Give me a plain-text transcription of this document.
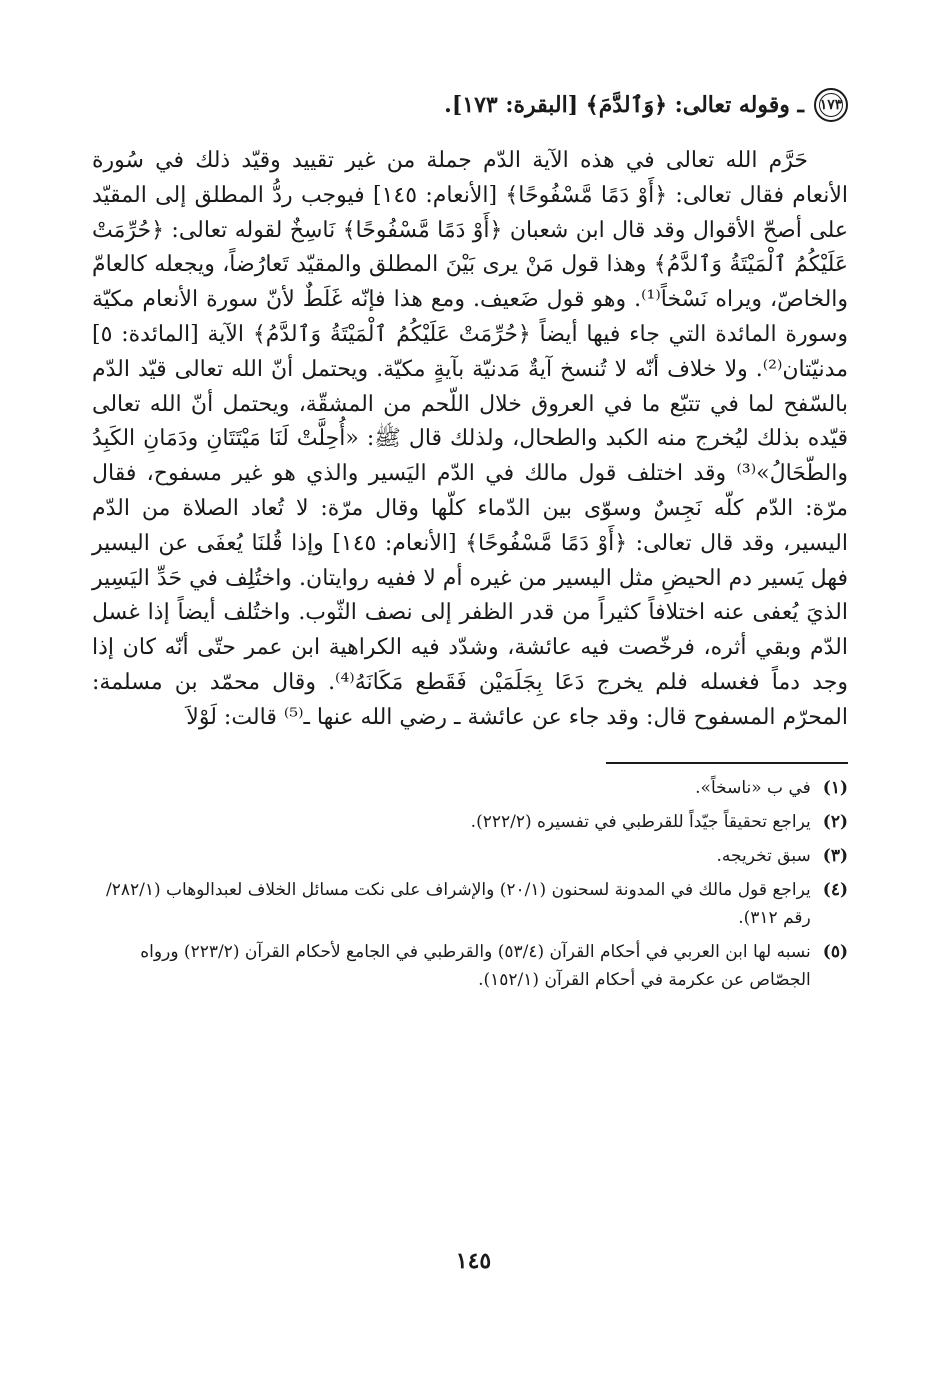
١٧٣
ـ وقوله تعالى: ﴿وَٱلدَّمَ﴾ [البقرة: ١٧٣].

حَرَّم الله تعالى في هذه الآية الدّم جملة من غير تقييد وقيّد ذلك في سُورة الأنعام فقال تعالى: ﴿أَوْ دَمًا مَّسْفُوحًا﴾ [الأنعام: ١٤٥] فيوجب ردُّ المطلق إلى المقيّد على أصحّ الأقوال وقد قال ابن شعبان ﴿أَوْ دَمًا مَّسْفُوحًا﴾ نَاسِخٌ لقوله تعالى: ﴿حُرِّمَتْ عَلَيْكُمُ ٱلْمَيْتَةُ وَٱلدَّمُ﴾ وهذا قول مَنْ يرى بَيْنَ المطلق والمقيّد تَعارُضاً، ويجعله كالعامّ والخاصّ، ويراه نَسْخاً⁽¹⁾. وهو قول ضَعيف. ومع هذا فإنّه غَلَطٌ لأنّ سورة الأنعام مكيّة وسورة المائدة التي جاء فيها أيضاً ﴿حُرِّمَتْ عَلَيْكُمُ ٱلْمَيْتَةُ وَٱلدَّمُ﴾ الآية [المائدة: ٥] مدنيّتان⁽²⁾. ولا خلاف أنّه لا تُنسخ آيةٌ مَدنيّة بآيةٍ مكيّة. ويحتمل أنّ الله تعالى قيّد الدّم بالسّفح لما في تتبّع ما في العروق خلال اللّحم من المشقّة، ويحتمل أنّ الله تعالى قيّده بذلك ليُخرج منه الكبد والطحال، ولذلك قال ﷺ: «أُحِلَّتْ لَنَا مَيْتَتَانِ ودَمَانِ الكَبِدُ والطّحَالُ»⁽³⁾ وقد اختلف قول مالك في الدّم اليَسير والذي هو غير مسفوح، فقال مرّة: الدّم كلّه نَجِسٌ وسوّى بين الدّماء كلّها وقال مرّة: لا تُعاد الصلاة من الدّم اليسير، وقد قال تعالى: ﴿أَوْ دَمًا مَّسْفُوحًا﴾ [الأنعام: ١٤٥] وإذا قُلنَا يُعفَى عن اليسير فهل يَسير دم الحيضِ مثل اليسير من غيره أم لا ففيه روايتان. واختُلِف في حَدِّ اليَسِير الذيَ يُعفى عنه اختلافاً كثيراً من قدر الظفر إلى نصف الثّوب. واختُلف أيضاً إذا غسل الدّم وبقي أثره، فرخّصت فيه عائشة، وشدّد فيه الكراهية ابن عمر حتّى أنّه كان إذا وجد دماً فغسله فلم يخرج دَعَا بِجَلَمَيْن فَقَطع مَكَانَهُ⁽⁴⁾. وقال محمّد بن مسلمة: المحرّم المسفوح قال: وقد جاء عن عائشة ـ رضي الله عنها ـ⁽⁵⁾ قالت: لَوْلاَ

(١)
في ب «ناسخاً».
(٢)
يراجع تحقيقاً جيّداً للقرطبي في تفسيره (٢٢٢/٢).
(٣)
سبق تخريجه.
(٤)
يراجع قول مالك في المدونة لسحنون (٢٠/١) والإشراف على نكت مسائل الخلاف لعبدالوهاب (٢٨٢/١/ رقم ٣١٢).
(٥)
نسبه لها ابن العربي في أحكام القرآن (٥٣/٤) والقرطبي في الجامع لأحكام القرآن (٢٢٣/٢) ورواه الجصّاص عن عكرمة في أحكام القرآن (١٥٢/١).
١٤٥
